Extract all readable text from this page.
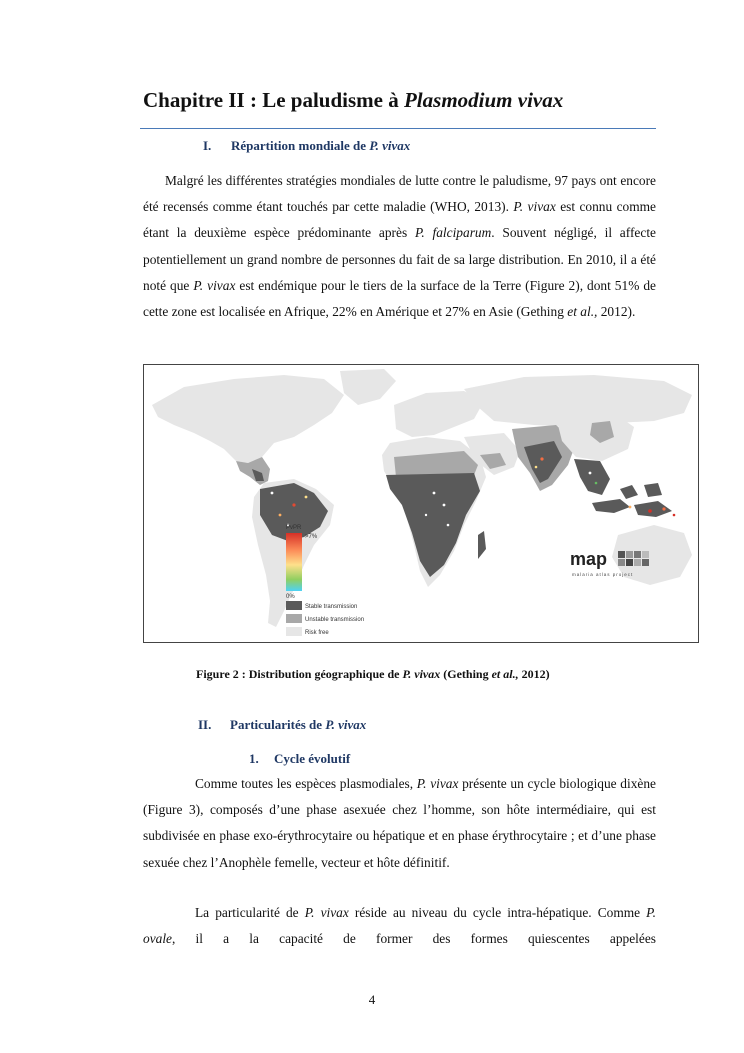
Chapitre II : Le paludisme à Plasmodium vivax
I. Répartition mondiale de P. vivax

Malgré les différentes stratégies mondiales de lutte contre le paludisme, 97 pays ont encore été recensés comme étant touchés par cette maladie (WHO, 2013). P. vivax est connu comme étant la deuxième espèce prédominante après P. falciparum. Souvent négligé, il affecte potentiellement un grand nombre de personnes du fait de sa large distribution. En 2010, il a été noté que P. vivax est endémique pour le tiers de la surface de la Terre (Figure 2), dont 51% de cette zone est localisée en Afrique, 22% en Amérique et 27% en Asie (Gething et al., 2012).

PvPR
>7%
0%
Stable transmission
Unstable transmission
Risk free
map
malaria atlas project
Figure 2 : Distribution géographique de P. vivax (Gething et al., 2012)
II. Particularités de P. vivax
1. Cycle évolutif

Comme toutes les espèces plasmodiales, P. vivax présente un cycle biologique dixène (Figure 3), composés d’une phase asexuée chez l’homme, son hôte intermédiaire, qui est subdivisée en phase exo-érythrocytaire ou hépatique et en phase érythrocytaire ; et d’une phase sexuée chez l’Anophèle femelle, vecteur et hôte définitif.

La particularité de P. vivax réside au niveau du cycle intra-hépatique. Comme P. ovale, il a la capacité de former des formes quiescentes appelées

4
